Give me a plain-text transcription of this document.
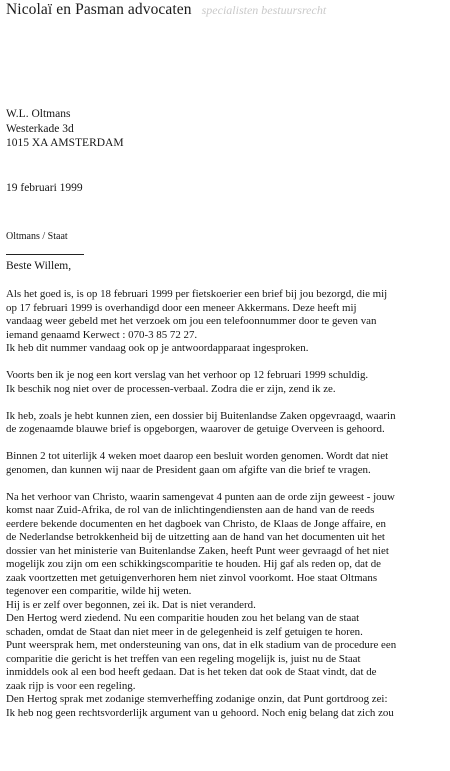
Nicolaï en Pasman advocaten specialisten bestuursrecht
W.L. Oltmans
Westerkade 3d
1015 XA AMSTERDAM
19 februari 1999
Oltmans / Staat
Beste Willem,
Als het goed is, is op 18 februari 1999 per fietskoerier een brief bij jou bezorgd, die mij
op 17 februari 1999 is overhandigd door een meneer Akkermans. Deze heeft mij
vandaag weer gebeld met het verzoek om jou een telefoonnummer door te geven van
iemand genaamd Kerwect : 070-3 85 72 27.
Ik heb dit nummer vandaag ook op je antwoordapparaat ingesproken.
Voorts ben ik je nog een kort verslag van het verhoor op 12 februari 1999 schuldig.
Ik beschik nog niet over de processen-verbaal. Zodra die er zijn, zend ik ze.
Ik heb, zoals je hebt kunnen zien, een dossier bij Buitenlandse Zaken opgevraagd, waarin
de zogenaamde blauwe brief is opgeborgen, waarover de getuige Overveen is gehoord.
Binnen 2 tot uiterlijk 4 weken moet daarop een besluit worden genomen. Wordt dat niet
genomen, dan kunnen wij naar de President gaan om afgifte van die brief te vragen.
Na het verhoor van Christo, waarin samengevat 4 punten aan de orde zijn geweest - jouw
komst naar Zuid-Afrika, de rol van de inlichtingendiensten aan de hand van de reeds
eerdere bekende documenten en het dagboek van Christo, de Klaas de Jonge affaire, en
de Nederlandse betrokkenheid bij de uitzetting aan de hand van het documenten uit het
dossier van het ministerie van Buitenlandse Zaken, heeft Punt weer gevraagd of het niet
mogelijk zou zijn om een schikkingscomparitie te houden. Hij gaf als reden op, dat de
zaak voortzetten met getuigenverhoren hem niet zinvol voorkomt. Hoe staat Oltmans
tegenover een comparitie, wilde hij weten.
Hij is er zelf over begonnen, zei ik. Dat is niet veranderd.
Den Hertog werd ziedend. Nu een comparitie houden zou het belang van de staat
schaden, omdat de Staat dan niet meer in de gelegenheid is zelf getuigen te horen.
Punt weersprak hem, met ondersteuning van ons, dat in elk stadium van de procedure een
comparitie die gericht is het treffen van een regeling mogelijk is, juist nu de Staat
inmiddels ook al een bod heeft gedaan. Dat is het teken dat ook de Staat vindt, dat de
zaak rijp is voor een regeling.
Den Hertog sprak met zodanige stemverheffing zodanige onzin, dat Punt gortdroog zei:
Ik heb nog geen rechtsvorderlijk argument van u gehoord. Noch enig belang dat zich zou
